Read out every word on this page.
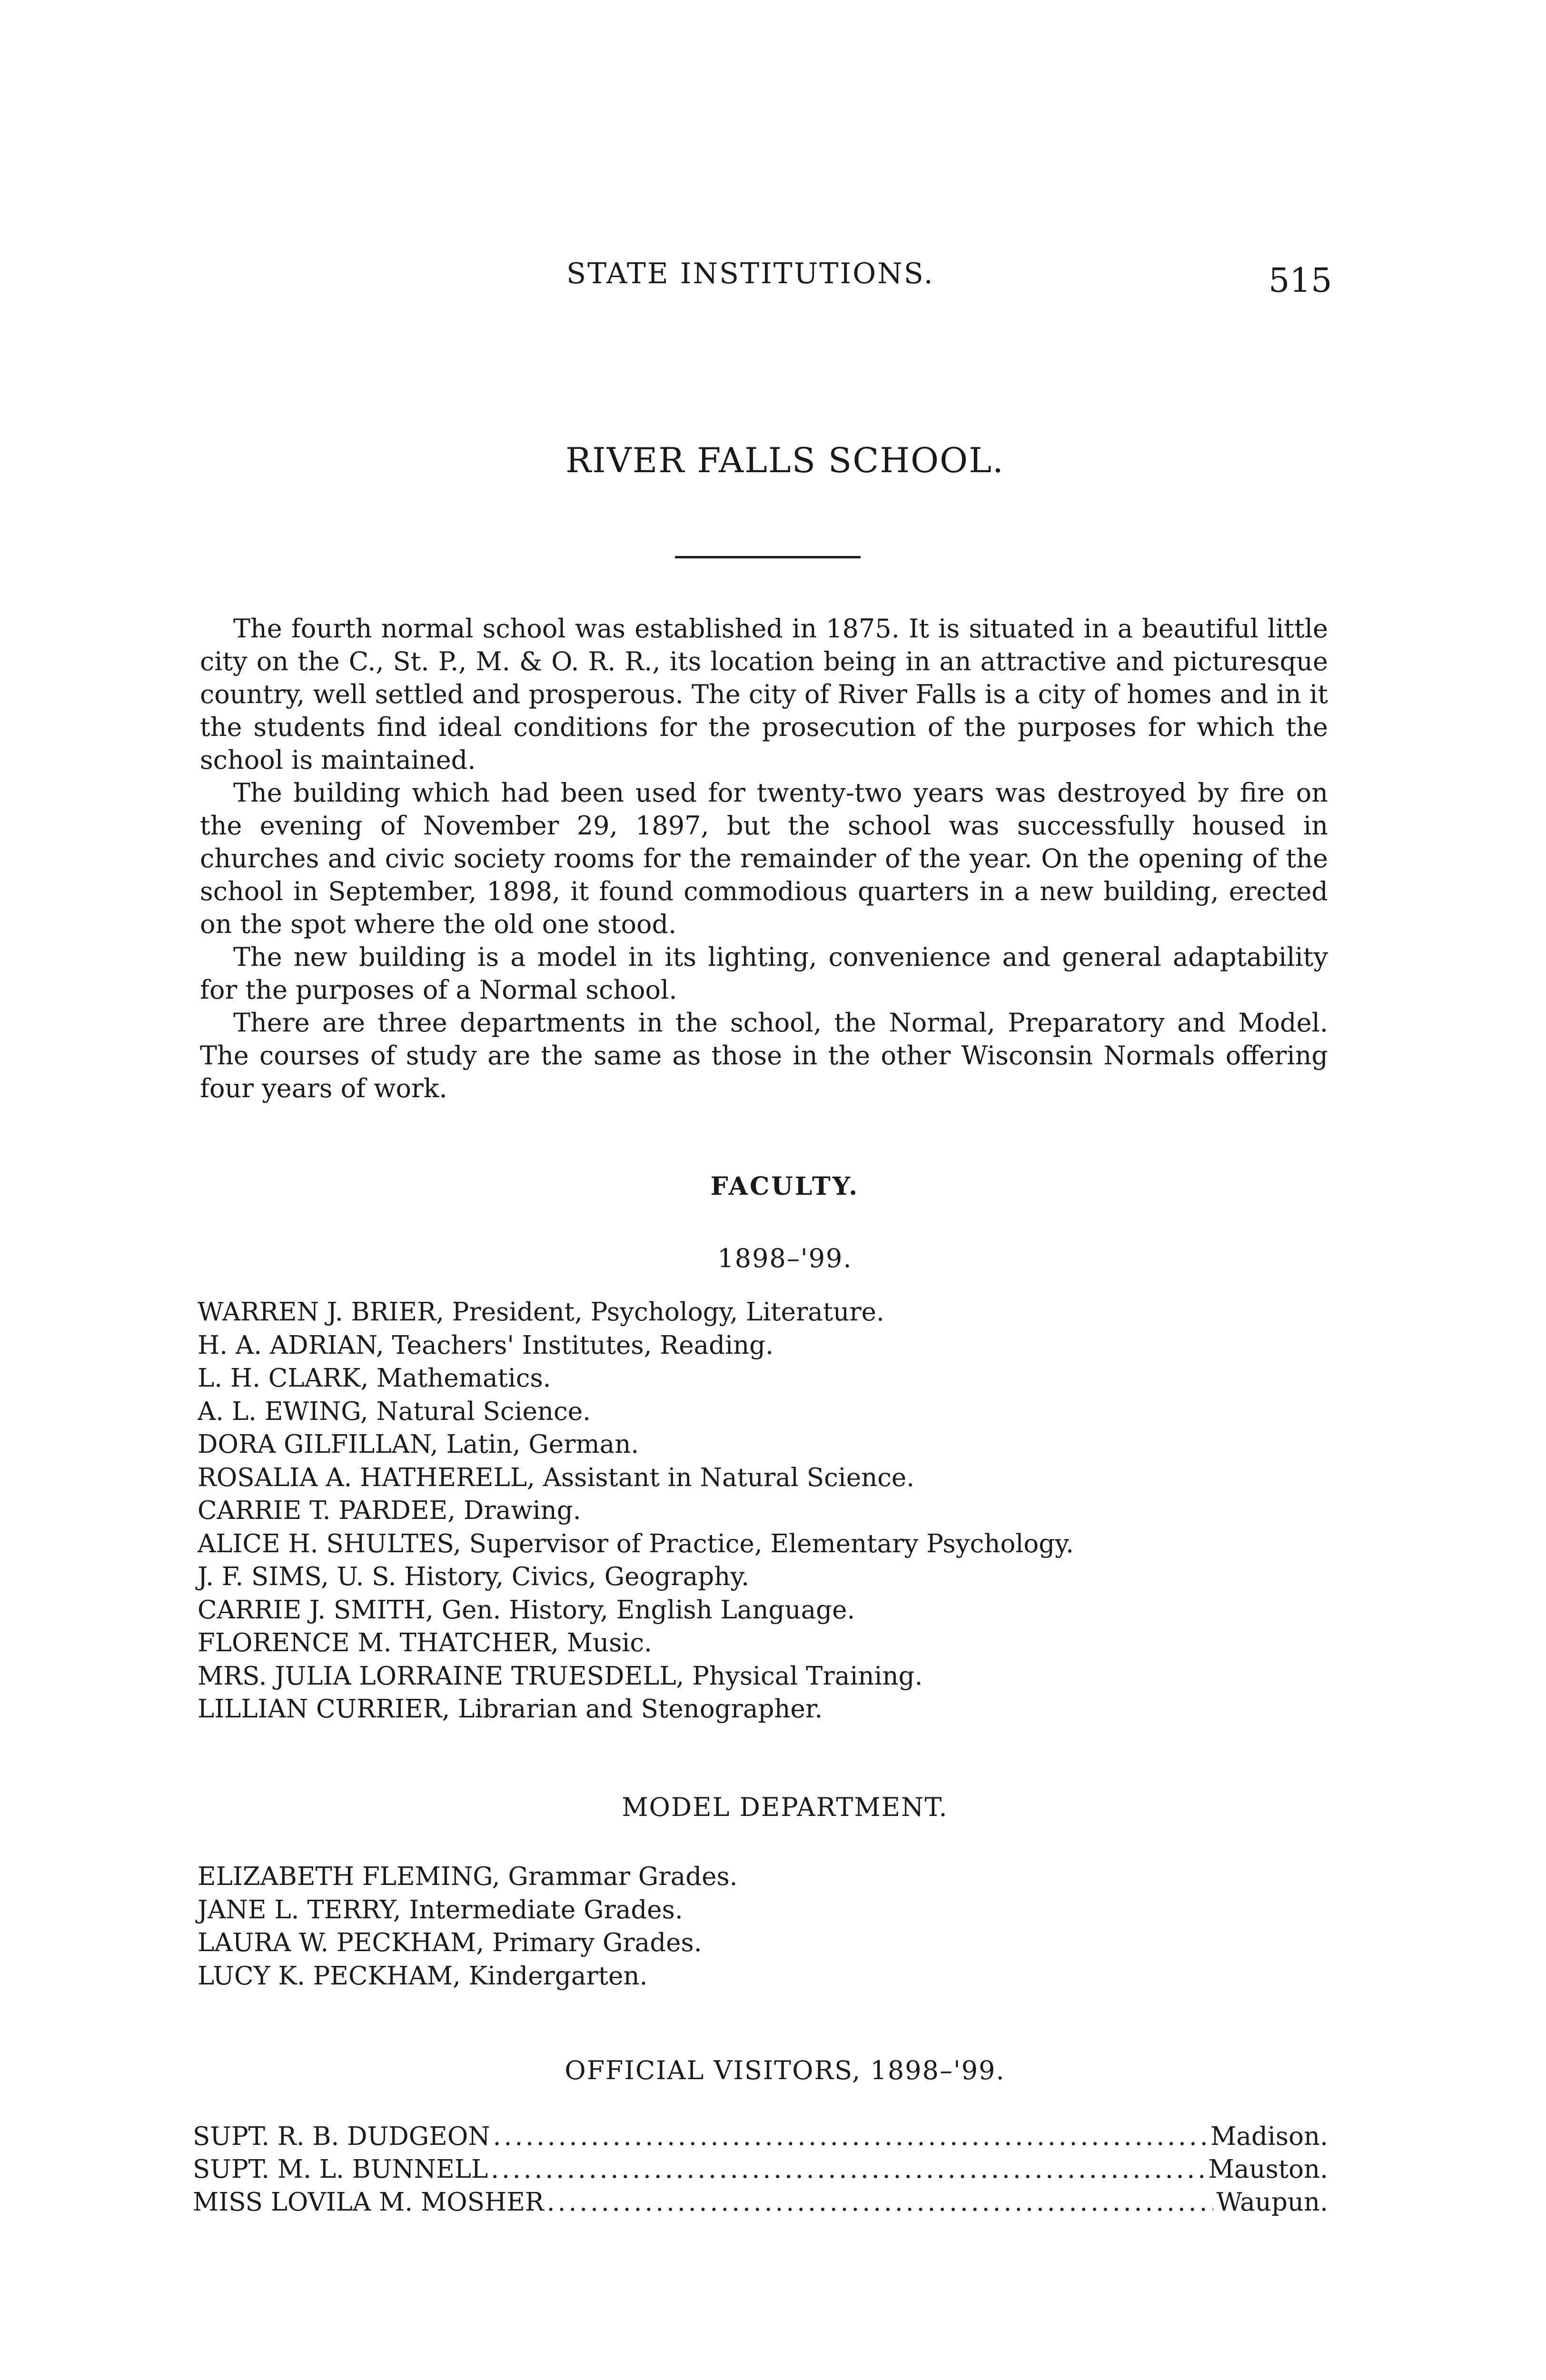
STATE INSTITUTIONS.	515
RIVER FALLS SCHOOL.

The fourth normal school was established in 1875. It is situated in a beautiful little city on the C., St. P., M. & O. R. R., its location being in an attractive and picturesque country, well settled and prosperous. The city of River Falls is a city of homes and in it the students find ideal conditions for the prosecution of the purposes for which the school is maintained.

The building which had been used for twenty-two years was destroyed by fire on the evening of November 29, 1897, but the school was successfully housed in churches and civic society rooms for the remainder of the year. On the opening of the school in September, 1898, it found commodious quarters in a new building, erected on the spot where the old one stood.

The new building is a model in its lighting, convenience and general adaptability for the purposes of a Normal school.

There are three departments in the school, the Normal, Preparatory and Model. The courses of study are the same as those in the other Wisconsin Normals offering four years of work.

FACULTY.
1898–'99.
WARREN J. BRIER, President, Psychology, Literature.
H. A. ADRIAN, Teachers' Institutes, Reading.
L. H. CLARK, Mathematics.
A. L. EWING, Natural Science.
DORA GILFILLAN, Latin, German.
ROSALIA A. HATHERELL, Assistant in Natural Science.
CARRIE T. PARDEE, Drawing.
ALICE H. SHULTES, Supervisor of Practice, Elementary Psychology.
J. F. SIMS, U. S. History, Civics, Geography.
CARRIE J. SMITH, Gen. History, English Language.
FLORENCE M. THATCHER, Music.
MRS. JULIA LORRAINE TRUESDELL, Physical Training.
LILLIAN CURRIER, Librarian and Stenographer.
MODEL DEPARTMENT.
ELIZABETH FLEMING, Grammar Grades.
JANE L. TERRY, Intermediate Grades.
LAURA W. PECKHAM, Primary Grades.
LUCY K. PECKHAM, Kindergarten.
OFFICIAL VISITORS, 1898–'99.
SUPT. R. B. DUDGEON .....	Madison.
SUPT. M. L. BUNNELL .....	Mauston.
MISS LOVILA M. MOSHER .....	Waupun.
